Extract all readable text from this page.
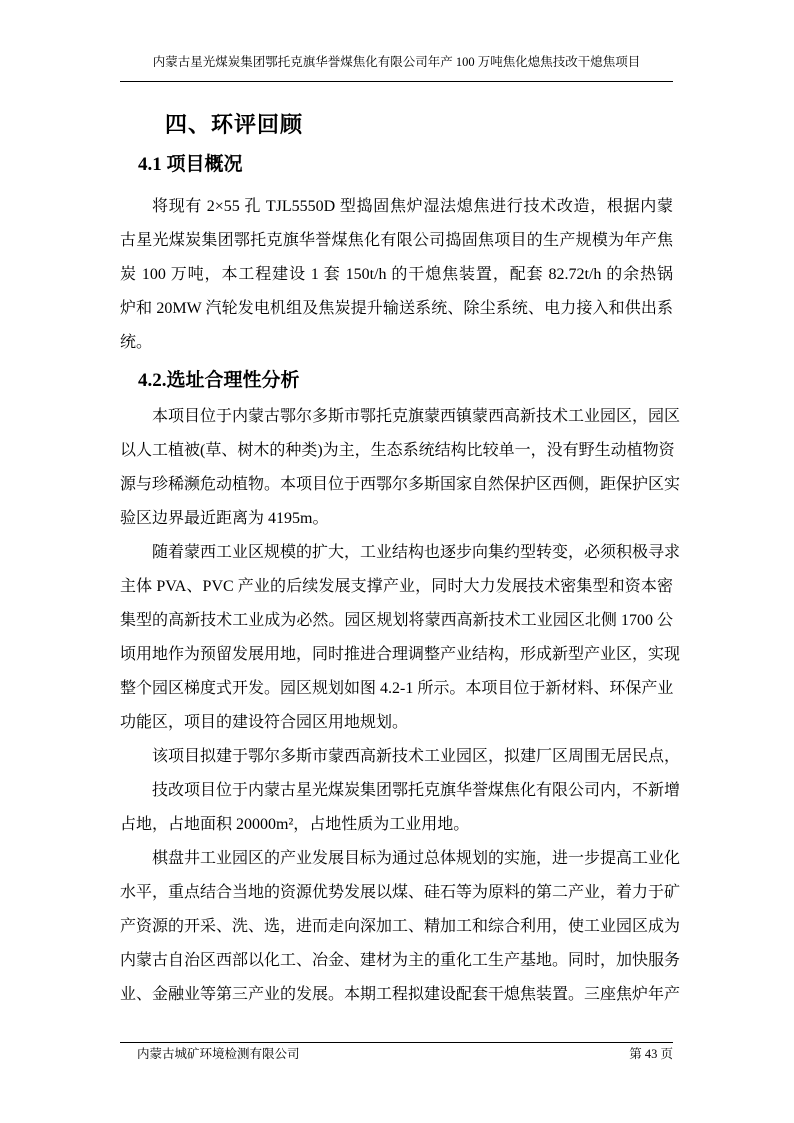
内蒙古星光煤炭集团鄂托克旗华誉煤焦化有限公司年产 100 万吨焦化熄焦技改干熄焦项目
四、环评回顾
4.1 项目概况
将现有 2×55 孔 TJL5550D 型捣固焦炉湿法熄焦进行技术改造，根据内蒙
古星光煤炭集团鄂托克旗华誉煤焦化有限公司捣固焦项目的生产规模为年产焦
炭 100 万吨，本工程建设 1 套 150t/h 的干熄焦装置，配套 82.72t/h 的余热锅
炉和 20MW 汽轮发电机组及焦炭提升输送系统、除尘系统、电力接入和供出系
统。
4.2.选址合理性分析
本项目位于内蒙古鄂尔多斯市鄂托克旗蒙西镇蒙西高新技术工业园区，园区
以人工植被(草、树木的种类)为主，生态系统结构比较单一，没有野生动植物资
源与珍稀濒危动植物。本项目位于西鄂尔多斯国家自然保护区西侧，距保护区实
验区边界最近距离为 4195m。
随着蒙西工业区规模的扩大，工业结构也逐步向集约型转变，必须积极寻求
主体 PVA、PVC 产业的后续发展支撑产业，同时大力发展技术密集型和资本密
集型的高新技术工业成为必然。园区规划将蒙西高新技术工业园区北侧 1700 公
顷用地作为预留发展用地，同时推进合理调整产业结构，形成新型产业区，实现
整个园区梯度式开发。园区规划如图 4.2-1 所示。本项目位于新材料、环保产业
功能区，项目的建设符合园区用地规划。
该项目拟建于鄂尔多斯市蒙西高新技术工业园区，拟建厂区周围无居民点，
技改项目位于内蒙古星光煤炭集团鄂托克旗华誉煤焦化有限公司内，不新增
占地，占地面积 20000m²，占地性质为工业用地。
棋盘井工业园区的产业发展目标为通过总体规划的实施，进一步提高工业化
水平，重点结合当地的资源优势发展以煤、硅石等为原料的第二产业，着力于矿
产资源的开采、洗、选，进而走向深加工、精加工和综合利用，使工业园区成为
内蒙古自治区西部以化工、冶金、建材为主的重化工生产基地。同时，加快服务
业、金融业等第三产业的发展。本期工程拟建设配套干熄焦装置。三座焦炉年产
内蒙古城矿环境检测有限公司	第 43 页
